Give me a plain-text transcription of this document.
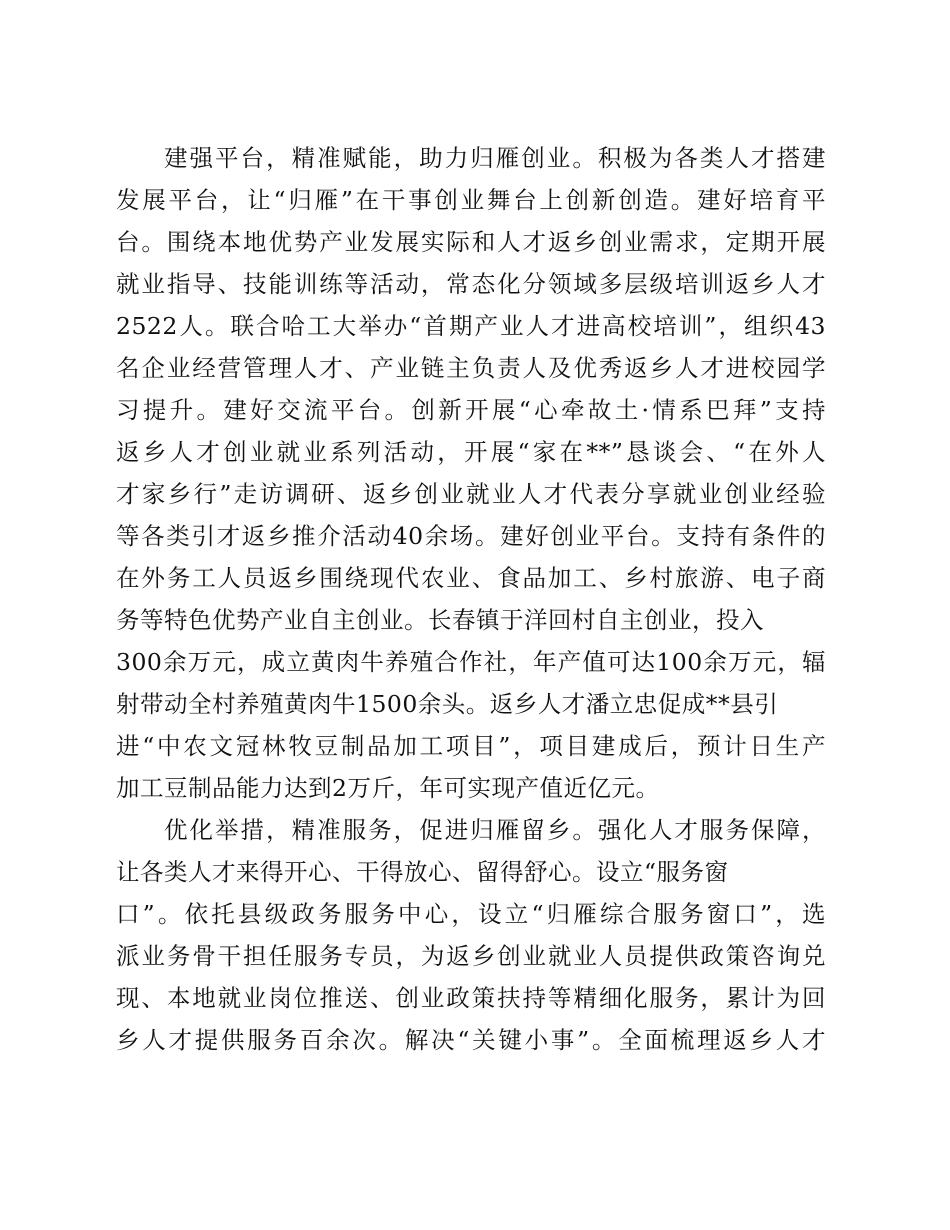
建强平台，精准赋能，助力归雁创业。积极为各类人才搭建
发展平台，让“归雁”在干事创业舞台上创新创造。建好培育平
台。围绕本地优势产业发展实际和人才返乡创业需求，定期开展
就业指导、技能训练等活动，常态化分领域多层级培训返乡人才
2522人。联合哈工大举办“首期产业人才进高校培训”，组织43
名企业经营管理人才、产业链主负责人及优秀返乡人才进校园学
习提升。建好交流平台。创新开展“心牵故土·情系巴拜”支持
返乡人才创业就业系列活动，开展“家在**”恳谈会、“在外人
才家乡行”走访调研、返乡创业就业人才代表分享就业创业经验
等各类引才返乡推介活动40余场。建好创业平台。支持有条件的
在外务工人员返乡围绕现代农业、食品加工、乡村旅游、电子商
务等特色优势产业自主创业。长春镇于洋回村自主创业，投入
300余万元，成立黄肉牛养殖合作社，年产值可达100余万元，辐
射带动全村养殖黄肉牛1500余头。返乡人才潘立忠促成**县引
进“中农文冠林牧豆制品加工项目”，项目建成后，预计日生产
加工豆制品能力达到2万斤，年可实现产值近亿元。
优化举措，精准服务，促进归雁留乡。强化人才服务保障，
让各类人才来得开心、干得放心、留得舒心。设立“服务窗
口”。依托县级政务服务中心，设立“归雁综合服务窗口”，选
派业务骨干担任服务专员，为返乡创业就业人员提供政策咨询兑
现、本地就业岗位推送、创业政策扶持等精细化服务，累计为回
乡人才提供服务百余次。解决“关键小事”。全面梳理返乡人才
